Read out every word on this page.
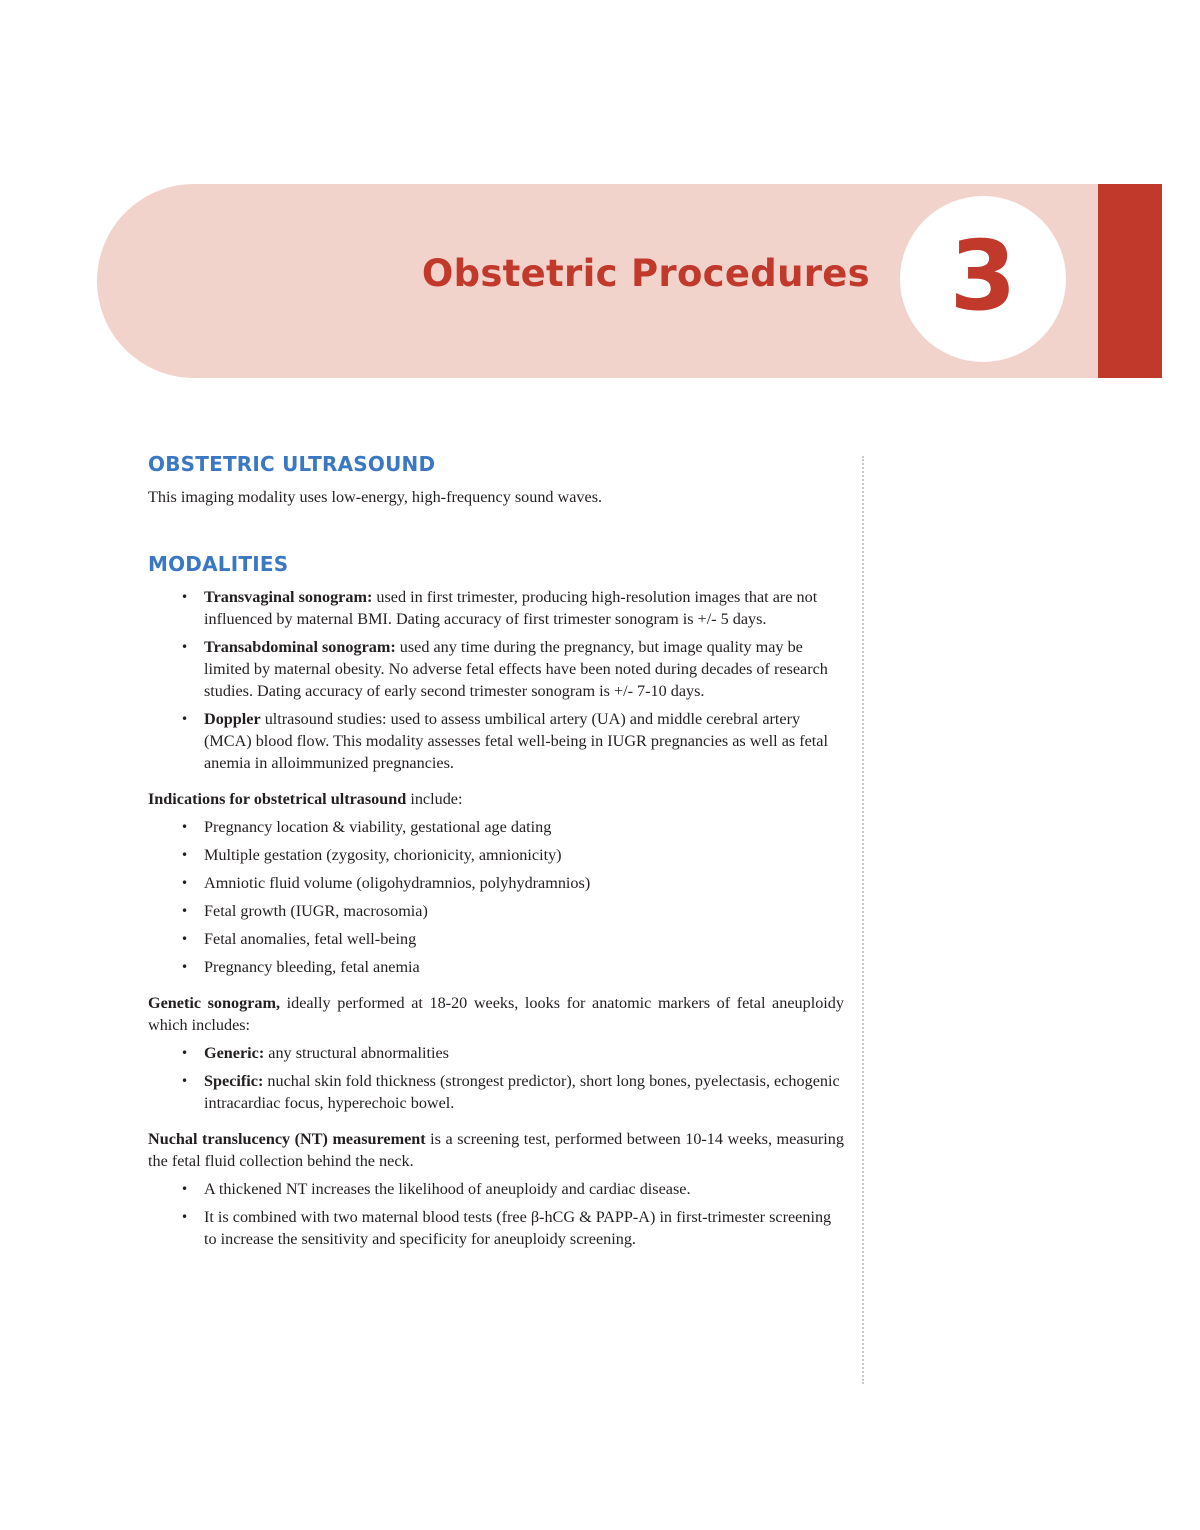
Obstetric Procedures 3
OBSTETRIC ULTRASOUND

This imaging modality uses low-energy, high-frequency sound waves.

MODALITIES
• Transvaginal sonogram: used in first trimester, producing high-resolution images that are not influenced by maternal BMI. Dating accuracy of first trimester sonogram is +/- 5 days.
• Transabdominal sonogram: used any time during the pregnancy, but image quality may be limited by maternal obesity. No adverse fetal effects have been noted during decades of research studies. Dating accuracy of early second trimester sonogram is +/- 7-10 days.
• Doppler ultrasound studies: used to assess umbilical artery (UA) and middle cerebral artery (MCA) blood flow. This modality assesses fetal well-being in IUGR pregnancies as well as fetal anemia in alloimmunized pregnancies.

Indications for obstetrical ultrasound include:

• Pregnancy location & viability, gestational age dating
• Multiple gestation (zygosity, chorionicity, amnionicity)
• Amniotic fluid volume (oligohydramnios, polyhydramnios)
• Fetal growth (IUGR, macrosomia)
• Fetal anomalies, fetal well-being
• Pregnancy bleeding, fetal anemia

Genetic sonogram, ideally performed at 18-20 weeks, looks for anatomic markers of fetal aneuploidy which includes:

• Generic: any structural abnormalities
• Specific: nuchal skin fold thickness (strongest predictor), short long bones, pyelectasis, echogenic intracardiac focus, hyperechoic bowel.

Nuchal translucency (NT) measurement is a screening test, performed between 10-14 weeks, measuring the fetal fluid collection behind the neck.

• A thickened NT increases the likelihood of aneuploidy and cardiac disease.
• It is combined with two maternal blood tests (free β-hCG & PAPP-A) in first-trimester screening to increase the sensitivity and specificity for aneuploidy screening.
